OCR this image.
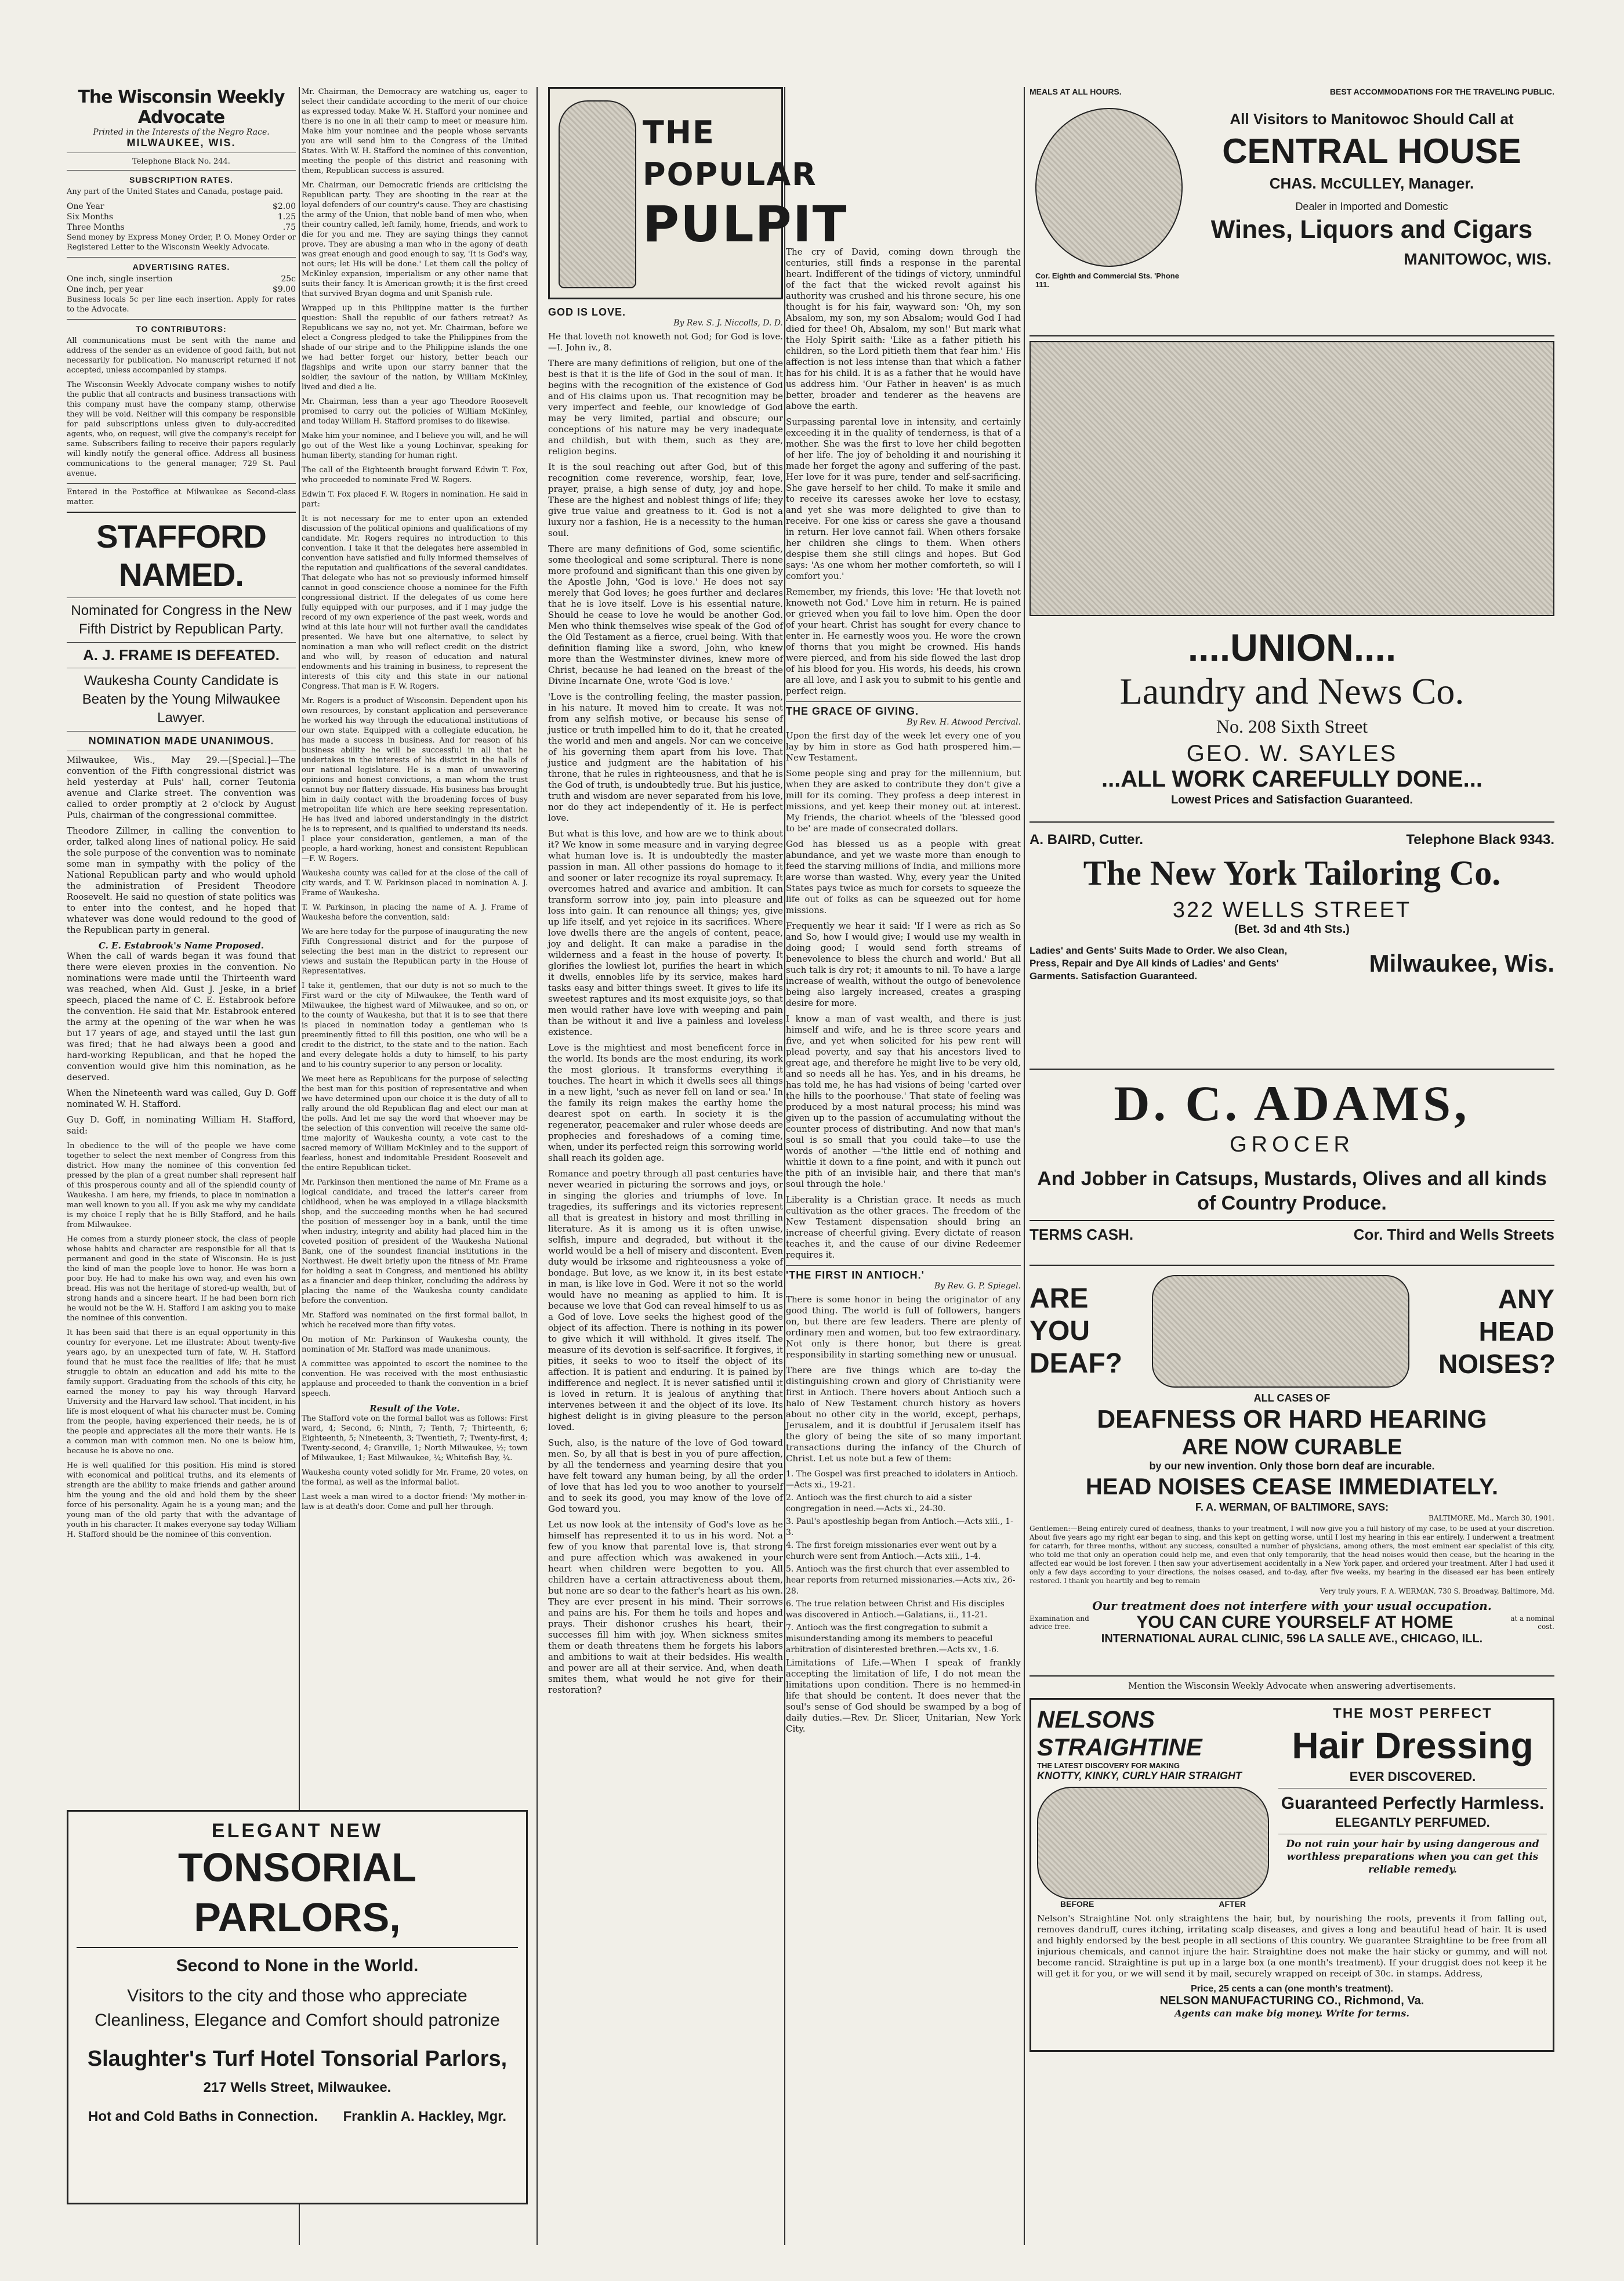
The Wisconsin Weekly Advocate
Printed in the Interests of the Negro Race.
MILWAUKEE, WIS.
Telephone Black No. 244.
SUBSCRIPTION RATES.

Any part of the United States and Canada, postage paid.

One Year	$2.00
Six Months	1.25
Three Months	.75

Send money by Express Money Order, P. O. Money Order or Registered Letter to the Wisconsin Weekly Advocate.

ADVERTISING RATES.
One inch, single insertion	25c
One inch, per year	$9.00

Business locals 5c per line each insertion. Apply for rates to the Advocate.

TO CONTRIBUTORS:

All communications must be sent with the name and address of the sender as an evidence of good faith, but not necessarily for publication. No manuscript returned if not accepted, unless accompanied by stamps.

The Wisconsin Weekly Advocate company wishes to notify the public that all contracts and business transactions with this company must have the company stamp, otherwise they will be void. Neither will this company be responsible for paid subscriptions unless given to duly-accredited agents, who, on request, will give the company's receipt for same. Subscribers failing to receive their papers regularly will kindly notify the general office. Address all business communications to the general manager, 729 St. Paul avenue.

Entered in the Postoffice at Milwaukee as Second-class matter.

STAFFORD NAMED.
Nominated for Congress in the New Fifth District by Republican Party.
A. J. FRAME IS DEFEATED.
Waukesha County Candidate is Beaten by the Young Milwaukee Lawyer.
NOMINATION MADE UNANIMOUS.

Milwaukee, Wis., May 29.—[Special.]—The convention of the Fifth congressional district was held yesterday at Puls' hall, corner Teutonia avenue and Clarke street. The convention was called to order promptly at 2 o'clock by August Puls, chairman of the congressional committee.

Theodore Zillmer, in calling the convention to order, talked along lines of national policy. He said the sole purpose of the convention was to nominate some man in sympathy with the policy of the National Republican party and who would uphold the administration of President Theodore Roosevelt. He said no question of state politics was to enter into the contest, and he hoped that whatever was done would redound to the good of the Republican party in general.

C. E. Estabrook's Name Proposed.

When the call of wards began it was found that there were eleven proxies in the convention. No nominations were made until the Thirteenth ward was reached, when Ald. Gust J. Jeske, in a brief speech, placed the name of C. E. Estabrook before the convention. He said that Mr. Estabrook entered the army at the opening of the war when he was but 17 years of age, and stayed until the last gun was fired; that he had always been a good and hard-working Republican, and that he hoped the convention would give him this nomination, as he deserved.

When the Nineteenth ward was called, Guy D. Goff nominated W. H. Stafford.

Guy D. Goff, in nominating William H. Stafford, said:

In obedience to the will of the people we have come together to select the next member of Congress from this district. How many the nominee of this convention fed pressed by the plan of a great number shall represent half of this prosperous county and all of the splendid county of Waukesha. I am here, my friends, to place in nomination a man well known to you all. If you ask me why my candidate is my choice I reply that he is Billy Stafford, and he hails from Milwaukee.

He comes from a sturdy pioneer stock, the class of people whose habits and character are responsible for all that is permanent and good in the state of Wisconsin. He is just the kind of man the people love to honor. He was born a poor boy. He had to make his own way, and even his own bread. His was not the heritage of stored-up wealth, but of strong hands and a sincere heart. If he had been born rich he would not be the W. H. Stafford I am asking you to make the nominee of this convention.

It has been said that there is an equal opportunity in this country for everyone. Let me illustrate: About twenty-five years ago, by an unexpected turn of fate, W. H. Stafford found that he must face the realities of life; that he must struggle to obtain an education and add his mite to the family support. Graduating from the schools of this city, he earned the money to pay his way through Harvard University and the Harvard law school. That incident, in his life is most eloquent of what his character must be. Coming from the people, having experienced their needs, he is of the people and appreciates all the more their wants. He is a common man with common men. No one is below him, because he is above no one.

He is well qualified for this position. His mind is stored with economical and political truths, and its elements of strength are the ability to make friends and gather around him the young and the old and hold them by the sheer force of his personality. Again he is a young man; and the young man of the old party that with the advantage of youth in his character. It makes everyone say today William H. Stafford should be the nominee of this convention.

Mr. Chairman, the Democracy are watching us, eager to select their candidate according to the merit of our choice as expressed today. Make W. H. Stafford your nominee and there is no one in all their camp to meet or measure him. Make him your nominee and the people whose servants you are will send him to the Congress of the United States. With W. H. Stafford the nominee of this convention, meeting the people of this district and reasoning with them, Republican success is assured.

Mr. Chairman, our Democratic friends are criticising the Republican party. They are shooting in the rear at the loyal defenders of our country's cause. They are chastising the army of the Union, that noble band of men who, when their country called, left family, home, friends, and work to die for you and me. They are saying things they cannot prove. They are abusing a man who in the agony of death was great enough and good enough to say, 'It is God's way, not ours; let His will be done.' Let them call the policy of McKinley expansion, imperialism or any other name that suits their fancy. It is American growth; it is the first creed that survived Bryan dogma and unit Spanish rule.

Wrapped up in this Philippine matter is the further question: Shall the republic of our fathers retreat? As Republicans we say no, not yet. Mr. Chairman, before we elect a Congress pledged to take the Philippines from the shade of our stripe and to the Philippine islands the one we had better forget our history, better beach our flagships and write upon our starry banner that the soldier, the saviour of the nation, by William McKinley, lived and died a lie.

Mr. Chairman, less than a year ago Theodore Roosevelt promised to carry out the policies of William McKinley, and today William H. Stafford promises to do likewise.

Make him your nominee, and I believe you will, and he will go out of the West like a young Lochinvar, speaking for human liberty, standing for human right.

The call of the Eighteenth brought forward Edwin T. Fox, who proceeded to nominate Fred W. Rogers.

Edwin T. Fox placed F. W. Rogers in nomination. He said in part:

It is not necessary for me to enter upon an extended discussion of the political opinions and qualifications of my candidate. Mr. Rogers requires no introduction to this convention. I take it that the delegates here assembled in convention have satisfied and fully informed themselves of the reputation and qualifications of the several candidates. That delegate who has not so previously informed himself cannot in good conscience choose a nominee for the Fifth congressional district. If the delegates of us come here fully equipped with our purposes, and if I may judge the record of my own experience of the past week, words and wind at this late hour will not further avail the candidates presented. We have but one alternative, to select by nomination a man who will reflect credit on the district and who will, by reason of education and natural endowments and his training in business, to represent the interests of this city and this state in our national Congress. That man is F. W. Rogers.

Mr. Rogers is a product of Wisconsin. Dependent upon his own resources, by constant application and perseverance he worked his way through the educational institutions of our own state. Equipped with a collegiate education, he has made a success in business. And for reason of his business ability he will be successful in all that he undertakes in the interests of his district in the halls of our national legislature. He is a man of unwavering opinions and honest convictions, a man whom the trust cannot buy nor flattery dissuade. His business has brought him in daily contact with the broadening forces of busy metropolitan life which are here seeking representation. He has lived and labored understandingly in the district he is to represent, and is qualified to understand its needs. I place your consideration, gentlemen, a man of the people, a hard-working, honest and consistent Republican—F. W. Rogers.

Waukesha county was called for at the close of the call of city wards, and T. W. Parkinson placed in nomination A. J. Frame of Waukesha.

T. W. Parkinson, in placing the name of A. J. Frame of Waukesha before the convention, said:

We are here today for the purpose of inaugurating the new Fifth Congressional district and for the purpose of selecting the best man in the district to represent our views and sustain the Republican party in the House of Representatives.

I take it, gentlemen, that our duty is not so much to the First ward or the city of Milwaukee, the Tenth ward of Milwaukee, the highest ward of Milwaukee, and so on, or to the county of Waukesha, but that it is to see that there is placed in nomination today a gentleman who is preeminently fitted to fill this position, one who will be a credit to the district, to the state and to the nation. Each and every delegate holds a duty to himself, to his party and to his country superior to any person or locality.

We meet here as Republicans for the purpose of selecting the best man for this position of representative and when we have determined upon our choice it is the duty of all to rally around the old Republican flag and elect our man at the polls. And let me say the word that whoever may be the selection of this convention will receive the same old-time majority of Waukesha county, a vote cast to the sacred memory of William McKinley and to the support of fearless, honest and indomitable President Roosevelt and the entire Republican ticket.

Mr. Parkinson then mentioned the name of Mr. Frame as a logical candidate, and traced the latter's career from childhood, when he was employed in a village blacksmith shop, and the succeeding months when he had secured the position of messenger boy in a bank, until the time when industry, integrity and ability had placed him in the coveted position of president of the Waukesha National Bank, one of the soundest financial institutions in the Northwest. He dwelt briefly upon the fitness of Mr. Frame for holding a seat in Congress, and mentioned his ability as a financier and deep thinker, concluding the address by placing the name of the Waukesha county candidate before the convention.

Mr. Stafford was nominated on the first formal ballot, in which he received more than fifty votes.

On motion of Mr. Parkinson of Waukesha county, the nomination of Mr. Stafford was made unanimous.

A committee was appointed to escort the nominee to the convention. He was received with the most enthusiastic applause and proceeded to thank the convention in a brief speech.

Result of the Vote.

The Stafford vote on the formal ballot was as follows: First ward, 4; Second, 6; Ninth, 7; Tenth, 7; Thirteenth, 6; Eighteenth, 5; Nineteenth, 3; Twentieth, 7; Twenty-first, 4; Twenty-second, 4; Granville, 1; North Milwaukee, ½; town of Milwaukee, 1; East Milwaukee, ¾; Whitefish Bay, ¾.

Waukesha county voted solidly for Mr. Frame, 20 votes, on the formal, as well as the informal ballot.

Last week a man wired to a doctor friend: 'My mother-in-law is at death's door. Come and pull her through.

ELEGANT NEW
TONSORIAL PARLORS,
Second to None in the World.
Visitors to the city and those who appreciate Cleanliness, Elegance and Comfort should patronize
Slaughter's Turf Hotel Tonsorial Parlors,
217 Wells Street, Milwaukee.
Hot and Cold Baths in Connection. Franklin A. Hackley, Mgr.
THE POPULAR
PULPIT
GOD IS LOVE.
By Rev. S. J. Niccolls, D. D.

He that loveth not knoweth not God; for God is love.—I. John iv., 8.

There are many definitions of religion, but one of the best is that it is the life of God in the soul of man. It begins with the recognition of the existence of God and of His claims upon us. That recognition may be very imperfect and feeble, our knowledge of God may be very limited, partial and obscure; our conceptions of his nature may be very inadequate and childish, but with them, such as they are, religion begins.

It is the soul reaching out after God, but of this recognition come reverence, worship, fear, love, prayer, praise, a high sense of duty, joy and hope. These are the highest and noblest things of life; they give true value and greatness to it. God is not a luxury nor a fashion, He is a necessity to the human soul.

There are many definitions of God, some scientific, some theological and some scriptural. There is none more profound and significant than this one given by the Apostle John, 'God is love.' He does not say merely that God loves; he goes further and declares that he is love itself. Love is his essential nature. Should he cease to love he would be another God. Men who think themselves wise speak of the God of the Old Testament as a fierce, cruel being. With that definition flaming like a sword, John, who knew more than the Westminster divines, knew more of Christ, because he had leaned on the breast of the Divine Incarnate One, wrote 'God is love.'

'Love is the controlling feeling, the master passion, in his nature. It moved him to create. It was not from any selfish motive, or because his sense of justice or truth impelled him to do it, that he created the world and men and angels. Nor can we conceive of his governing them apart from his love. That justice and judgment are the habitation of his throne, that he rules in righteousness, and that he is the God of truth, is undoubtedly true. But his justice, truth and wisdom are never separated from his love, nor do they act independently of it. He is perfect love.

But what is this love, and how are we to think about it? We know in some measure and in varying degree what human love is. It is undoubtedly the master passion in man. All other passions do homage to it and sooner or later recognize its royal supremacy. It overcomes hatred and avarice and ambition. It can transform sorrow into joy, pain into pleasure and loss into gain. It can renounce all things; yes, give up life itself, and yet rejoice in its sacrifices. Where love dwells there are the angels of content, peace, joy and delight. It can make a paradise in the wilderness and a feast in the house of poverty. It glorifies the lowliest lot, purifies the heart in which it dwells, ennobles life by its service, makes hard tasks easy and bitter things sweet. It gives to life its sweetest raptures and its most exquisite joys, so that men would rather have love with weeping and pain than be without it and live a painless and loveless existence.

Love is the mightiest and most beneficent force in the world. Its bonds are the most enduring, its work the most glorious. It transforms everything it touches. The heart in which it dwells sees all things in a new light, 'such as never fell on land or sea.' In the family its reign makes the earthy home the dearest spot on earth. In society it is the regenerator, peacemaker and ruler whose deeds are prophecies and foreshadows of a coming time, when, under its perfected reign this sorrowing world shall reach its golden age.

Romance and poetry through all past centuries have never wearied in picturing the sorrows and joys, or in singing the glories and triumphs of love. In tragedies, its sufferings and its victories represent all that is greatest in history and most thrilling in literature. As it is among us it is often unwise, selfish, impure and degraded, but without it the world would be a hell of misery and discontent. Even duty would be irksome and righteousness a yoke of bondage. But love, as we know it, in its best estate in man, is like love in God. Were it not so the world would have no meaning as applied to him. It is because we love that God can reveal himself to us as a God of love. Love seeks the highest good of the object of its affection. There is nothing in its power to give which it will withhold. It gives itself. The measure of its devotion is self-sacrifice. It forgives, it pities, it seeks to woo to itself the object of its affection. It is patient and enduring. It is pained by indifference and neglect. It is never satisfied until it is loved in return. It is jealous of anything that intervenes between it and the object of its love. Its highest delight is in giving pleasure to the person loved.

Such, also, is the nature of the love of God toward men. So, by all that is best in you of pure affection, by all the tenderness and yearning desire that you have felt toward any human being, by all the order of love that has led you to woo another to yourself and to seek its good, you may know of the love of God toward you.

Let us now look at the intensity of God's love as he himself has represented it to us in his word. Not a few of you know that parental love is, that strong and pure affection which was awakened in your heart when children were begotten to you. All children have a certain attractiveness about them, but none are so dear to the father's heart as his own. They are ever present in his mind. Their sorrows and pains are his. For them he toils and hopes and prays. Their dishonor crushes his heart, their successes fill him with joy. When sickness smites them or death threatens them he forgets his labors and ambitions to wait at their bedsides. His wealth and power are all at their service. And, when death smites them, what would he not give for their restoration?

The cry of David, coming down through the centuries, still finds a response in the parental heart. Indifferent of the tidings of victory, unmindful of the fact that the wicked revolt against his authority was crushed and his throne secure, his one thought is for his fair, wayward son: 'Oh, my son Absalom, my son, my son Absalom; would God I had died for thee! Oh, Absalom, my son!' But mark what the Holy Spirit saith: 'Like as a father pitieth his children, so the Lord pitieth them that fear him.' His affection is not less intense than that which a father has for his child. It is as a father that he would have us address him. 'Our Father in heaven' is as much better, broader and tenderer as the heavens are above the earth.

Surpassing parental love in intensity, and certainly exceeding it in the quality of tenderness, is that of a mother. She was the first to love her child begotten of her life. The joy of beholding it and nourishing it made her forget the agony and suffering of the past. Her love for it was pure, tender and self-sacrificing. She gave herself to her child. To make it smile and to receive its caresses awoke her love to ecstasy, and yet she was more delighted to give than to receive. For one kiss or caress she gave a thousand in return. Her love cannot fail. When others forsake her children she clings to them. When others despise them she still clings and hopes. But God says: 'As one whom her mother comforteth, so will I comfort you.'

Remember, my friends, this love: 'He that loveth not knoweth not God.' Love him in return. He is pained or grieved when you fail to love him. Open the door of your heart. Christ has sought for every chance to enter in. He earnestly woos you. He wore the crown of thorns that you might be crowned. His hands were pierced, and from his side flowed the last drop of his blood for you. His words, his deeds, his crown are all love, and I ask you to submit to his gentle and perfect reign.

THE GRACE OF GIVING.
By Rev. H. Atwood Percival.

Upon the first day of the week let every one of you lay by him in store as God hath prospered him.—New Testament.

Some people sing and pray for the millennium, but when they are asked to contribute they don't give a mill for its coming. They profess a deep interest in missions, and yet keep their money out at interest. My friends, the chariot wheels of the 'blessed good to be' are made of consecrated dollars.

God has blessed us as a people with great abundance, and yet we waste more than enough to feed the starving millions of India, and millions more are worse than wasted. Why, every year the United States pays twice as much for corsets to squeeze the life out of folks as can be squeezed out for home missions.

Frequently we hear it said: 'If I were as rich as So and So, how I would give; I would use my wealth in doing good; I would send forth streams of benevolence to bless the church and world.' But all such talk is dry rot; it amounts to nil. To have a large increase of wealth, without the outgo of benevolence being also largely increased, creates a grasping desire for more.

I know a man of vast wealth, and there is just himself and wife, and he is three score years and five, and yet when solicited for his pew rent will plead poverty, and say that his ancestors lived to great age, and therefore he might live to be very old, and so needs all he has. Yes, and in his dreams, he has told me, he has had visions of being 'carted over the hills to the poorhouse.' That state of feeling was produced by a most natural process; his mind was given up to the passion of accumulating without the counter process of distributing. And now that man's soul is so small that you could take—to use the words of another —'the little end of nothing and whittle it down to a fine point, and with it punch out the pith of an invisible hair, and there that man's soul through the hole.'

Liberality is a Christian grace. It needs as much cultivation as the other graces. The freedom of the New Testament dispensation should bring an increase of cheerful giving. Every dictate of reason teaches it, and the cause of our divine Redeemer requires it.

'THE FIRST IN ANTIOCH.'
By Rev. G. P. Spiegel.

There is some honor in being the originator of any good thing. The world is full of followers, hangers on, but there are few leaders. There are plenty of ordinary men and women, but too few extraordinary. Not only is there honor, but there is great responsibility in starting something new or unusual.

There are five things which are to-day the distinguishing crown and glory of Christianity were first in Antioch. There hovers about Antioch such a halo of New Testament church history as hovers about no other city in the world, except, perhaps, Jerusalem, and it is doubtful if Jerusalem itself has the glory of being the site of so many important transactions during the infancy of the Church of Christ. Let us note but a few of them:

1. The Gospel was first preached to idolaters in Antioch.—Acts xi., 19-21.
2. Antioch was the first church to aid a sister congregation in need.—Acts xi., 24-30.
3. Paul's apostleship began from Antioch.—Acts xiii., 1-3.
4. The first foreign missionaries ever went out by a church were sent from Antioch.—Acts xiii., 1-4.
5. Antioch was the first church that ever assembled to hear reports from returned missionaries.—Acts xiv., 26-28.
6. The true relation between Christ and His disciples was discovered in Antioch.—Galatians, ii., 11-21.
7. Antioch was the first congregation to submit a misunderstanding among its members to peaceful arbitration of disinterested brethren.—Acts xv., 1-6.

Limitations of Life.—When I speak of frankly accepting the limitation of life, I do not mean the limitations upon condition. There is no hemmed-in life that should be content. It does never that the soul's sense of God should be swamped by a bog of daily duties.—Rev. Dr. Slicer, Unitarian, New York City.

MEALS AT ALL HOURS.	BEST ACCOMMODATIONS FOR THE TRAVELING PUBLIC.
Cor. Eighth and Commercial Sts. 'Phone 111.
All Visitors to Manitowoc Should Call at
CENTRAL HOUSE
CHAS. McCULLEY, Manager.
Dealer in Imported and Domestic
Wines, Liquors and Cigars
MANITOWOC, WIS.
....UNION....
Laundry and News Co.
No. 208 Sixth Street
GEO. W. SAYLES
...ALL WORK CAREFULLY DONE...
Lowest Prices and Satisfaction Guaranteed.
A. BAIRD, Cutter.	Telephone Black 9343.
The New York Tailoring Co.
322 WELLS STREET
(Bet. 3d and 4th Sts.)
Ladies' and Gents' Suits Made to Order. We also Clean, Press, Repair and Dye All kinds of Ladies' and Gents' Garments. Satisfaction Guaranteed.	Milwaukee, Wis.
D. C. ADAMS,
GROCER
And Jobber in Catsups, Mustards, Olives and all kinds of Country Produce.
TERMS CASH.	Cor. Third and Wells Streets
ARE YOU DEAF?
ANY HEAD NOISES?
ALL CASES OF
DEAFNESS OR HARD HEARING
ARE NOW CURABLE
by our new invention. Only those born deaf are incurable.
HEAD NOISES CEASE IMMEDIATELY.
F. A. WERMAN, OF BALTIMORE, SAYS:
BALTIMORE, Md., March 30, 1901.

Gentlemen:—Being entirely cured of deafness, thanks to your treatment, I will now give you a full history of my case, to be used at your discretion. About five years ago my right ear began to sing, and this kept on getting worse, until I lost my hearing in this ear entirely. I underwent a treatment for catarrh, for three months, without any success, consulted a number of physicians, among others, the most eminent ear specialist of this city, who told me that only an operation could help me, and even that only temporarily, that the head noises would then cease, but the hearing in the affected ear would be lost forever. I then saw your advertisement accidentally in a New York paper, and ordered your treatment. After I had used it only a few days according to your directions, the noises ceased, and to-day, after five weeks, my hearing in the diseased ear has been entirely restored. I thank you heartily and beg to remain

Very truly yours, F. A. WERMAN, 730 S. Broadway, Baltimore, Md.
Our treatment does not interfere with your usual occupation.
Examination and advice free.	YOU CAN CURE YOURSELF AT HOME	at a nominal cost.
INTERNATIONAL AURAL CLINIC, 596 LA SALLE AVE., CHICAGO, ILL.
Mention the Wisconsin Weekly Advocate when answering advertisements.
NELSONS STRAIGHTINE
THE LATEST DISCOVERY FOR MAKING
KNOTTY, KINKY, CURLY HAIR STRAIGHT
BEFORE	AFTER
THE MOST PERFECT
Hair Dressing
EVER DISCOVERED.
Guaranteed Perfectly Harmless.
ELEGANTLY PERFUMED.
Do not ruin your hair by using dangerous and worthless preparations when you can get this reliable remedy.

Nelson's Straightine Not only straightens the hair, but, by nourishing the roots, prevents it from falling out, removes dandruff, cures itching, irritating scalp diseases, and gives a long and beautiful head of hair. It is used and highly endorsed by the best people in all sections of this country. We guarantee Straightine to be free from all injurious chemicals, and cannot injure the hair. Straightine does not make the hair sticky or gummy, and will not become rancid. Straightine is put up in a large box (a one month's treatment). If your druggist does not keep it he will get it for you, or we will send it by mail, securely wrapped on receipt of 30c. in stamps. Address,

Price, 25 cents a can (one month's treatment).
NELSON MANUFACTURING CO., Richmond, Va.
Agents can make big money. Write for terms.
